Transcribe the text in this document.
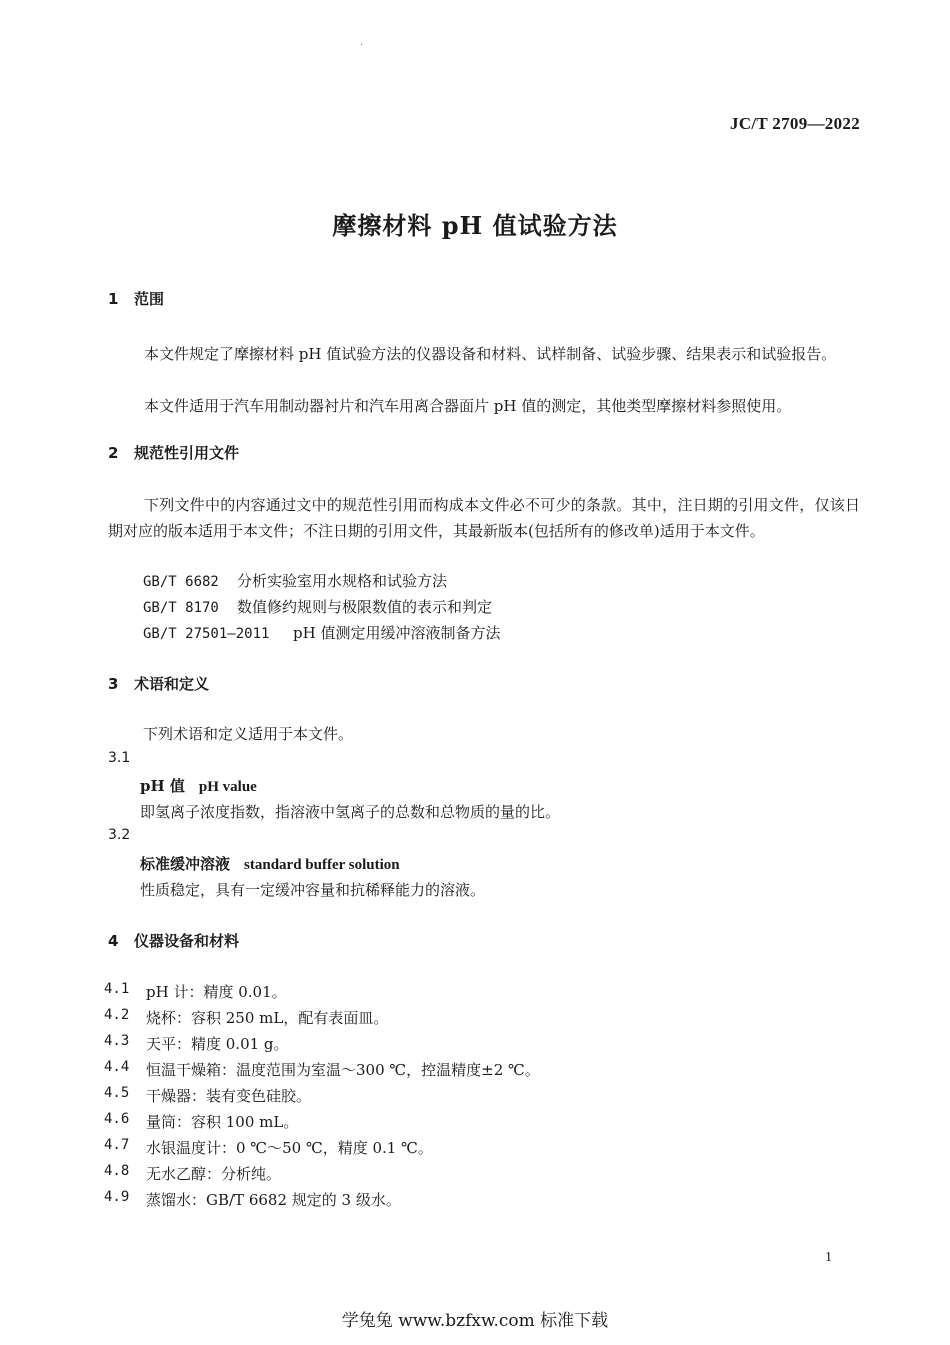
·
JC/T 2709—2022
摩擦材料 pH 值试验方法
1 范围
本文件规定了摩擦材料 pH 值试验方法的仪器设备和材料、试样制备、试验步骤、结果表示和试验报告。
本文件适用于汽车用制动器衬片和汽车用离合器面片 pH 值的测定，其他类型摩擦材料参照使用。
2 规范性引用文件
下列文件中的内容通过文中的规范性引用而构成本文件必不可少的条款。其中，注日期的引用文件，仅该日期对应的版本适用于本文件；不注日期的引用文件，其最新版本(包括所有的修改单)适用于本文件。
GB/T 6682 分析实验室用水规格和试验方法
GB/T 8170 数值修约规则与极限数值的表示和判定
GB/T 27501—2011 pH 值测定用缓冲溶液制备方法
3 术语和定义
下列术语和定义适用于本文件。
3.1
pH 值 pH value
即氢离子浓度指数，指溶液中氢离子的总数和总物质的量的比。
3.2
标准缓冲溶液 standard buffer solution
性质稳定，具有一定缓冲容量和抗稀释能力的溶液。
4 仪器设备和材料
4.1 pH 计：精度 0.01。
4.2 烧杯：容积 250 mL，配有表面皿。
4.3 天平：精度 0.01 g。
4.4 恒温干燥箱：温度范围为室温～300 ℃，控温精度±2 ℃。
4.5 干燥器：装有变色硅胶。
4.6 量筒：容积 100 mL。
4.7 水银温度计：0 ℃～50 ℃，精度 0.1 ℃。
4.8 无水乙醇：分析纯。
4.9 蒸馏水：GB/T 6682 规定的 3 级水。
1
学兔兔 www.bzfxw.com 标准下载
